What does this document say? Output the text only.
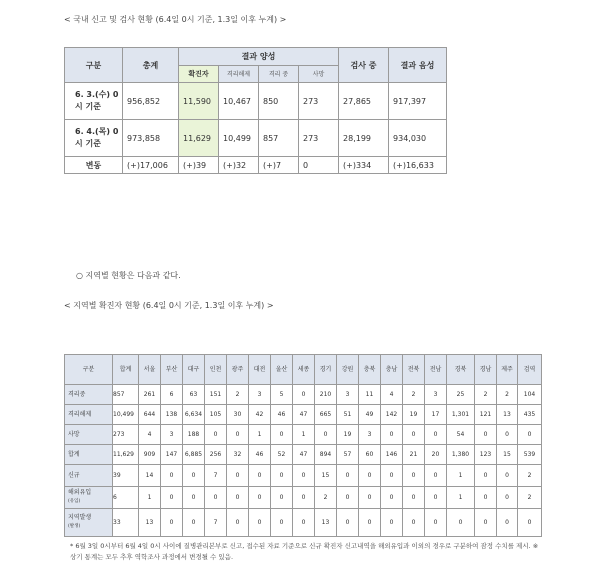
< 국내 신고 및 검사 현황 (6.4일 0시 기준, 1.3일 이후 누계) >
구분	총계	결과 양성				검사 중	결과 음성
		확진자	격리해제	격리 중	사망		
6. 3.(수) 0시 기준	956,852	11,590	10,467	850	273	27,865	917,397
6. 4.(목) 0시 기준	973,858	11,629	10,499	857	273	28,199	934,030
변동	(+)17,006	(+)39	(+)32	(+)7	0	(+)334	(+)16,633
○ 지역별 현황은 다음과 같다.
< 지역별 확진자 현황 (6.4일 0시 기준, 1.3일 이후 누계) >
구분	합계	서울	부산	대구	인천	광주	대전	울산	세종	경기	강원	충북	충남	전북	전남	경북	경남	제주	검역
격리중	857	261	6	63	151	2	3	5	0	210	3	11	4	2	3	25	2	2	104
격리해제	10,499	644	138	6,634	105	30	42	46	47	665	51	49	142	19	17	1,301	121	13	435
사망	273	4	3	188	0	0	1	0	1	0	19	3	0	0	0	54	0	0	0
합계	11,629	909	147	6,885	256	32	46	52	47	894	57	60	146	21	20	1,380	123	15	539
신규	39	14	0	0	7	0	0	0	0	15	0	0	0	0	0	1	0	0	2
해외유입
(유입)	6	1	0	0	0	0	0	0	0	2	0	0	0	0	0	1	0	0	2
지역발생
(발생)	33	13	0	0	7	0	0	0	0	13	0	0	0	0	0	0	0	0	0
* 6월 3일 0시부터 6월 4일 0시 사이에 질병관리본부로 신고, 접수된 자료 기준으로 신규 확진자 신고내역을 해외유입과 이외의 경우로 구분하여 잠정 수치를 제시. ※ 상기 통계는 모두 추후 역학조사 과정에서 변경될 수 있음.
